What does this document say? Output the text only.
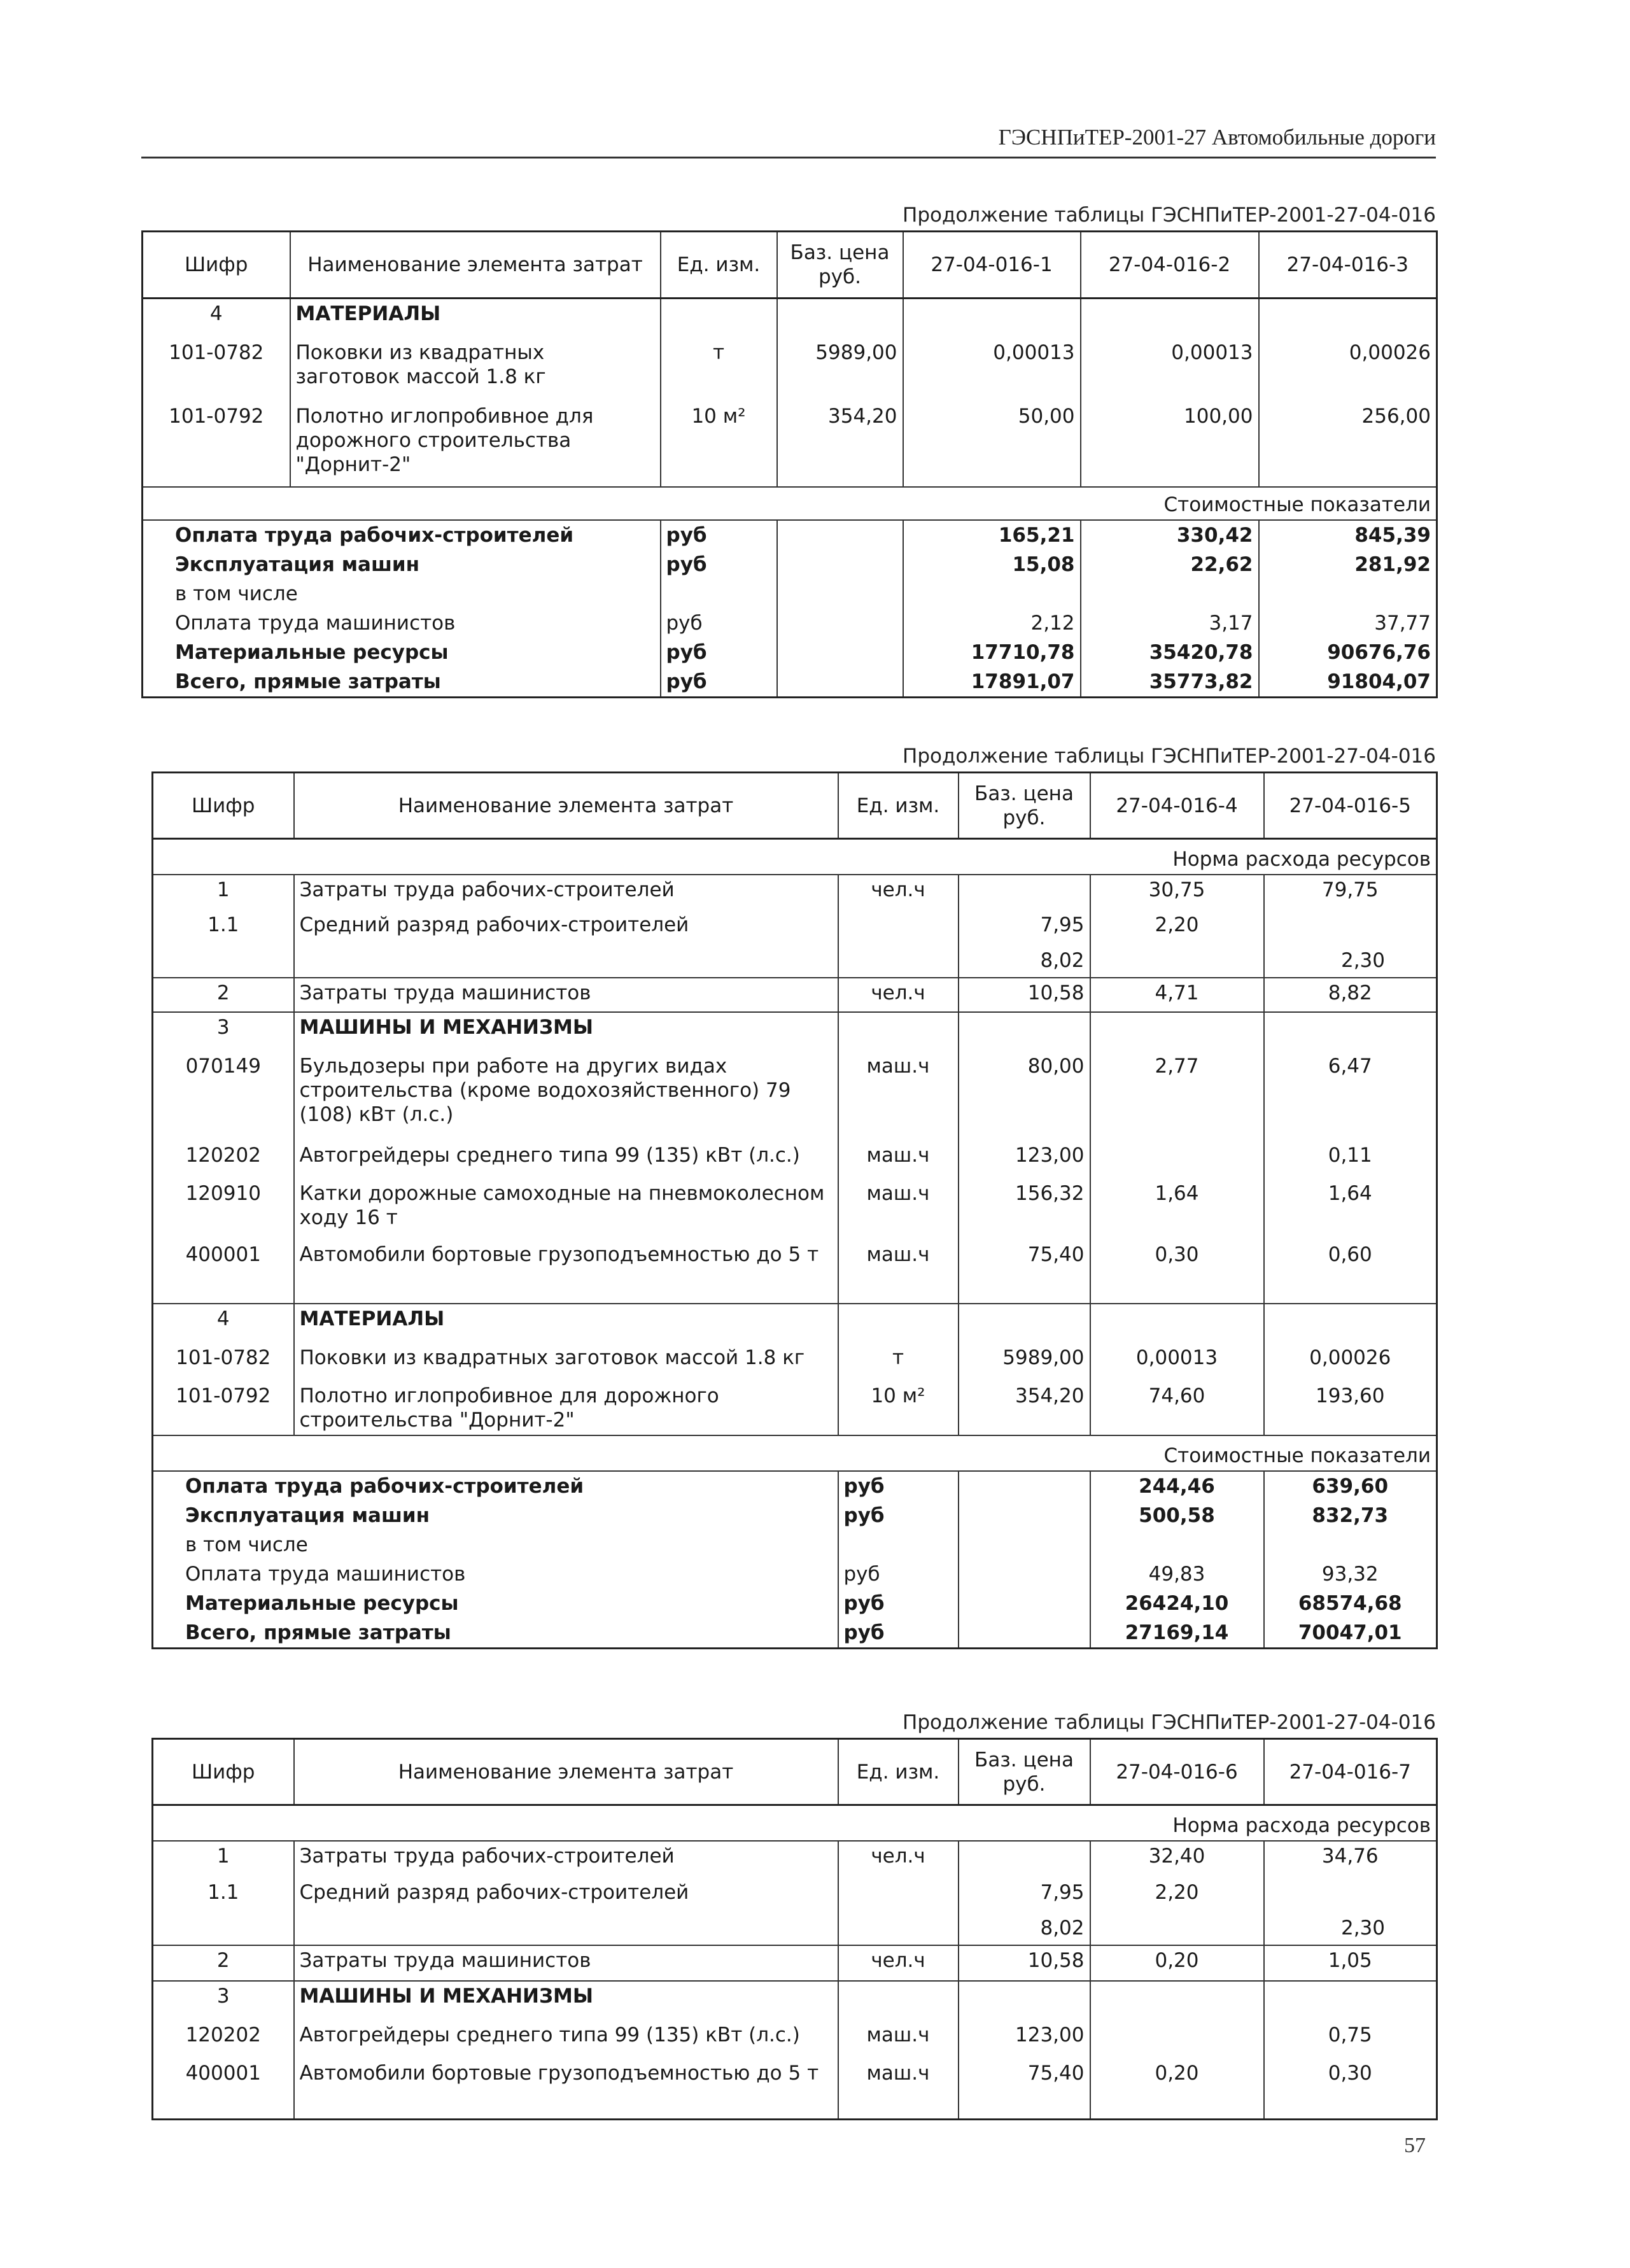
ГЭСНПиТЕР-2001-27 Автомобильные дороги
Продолжение таблицы ГЭСНПиТЕР-2001-27-04-016
Шифр	Наименование элемента затрат	Ед. изм.	Баз. цена руб.	27-04-016-1	27-04-016-2	27-04-016-3
4	МАТЕРИАЛЫ					
101-0782	Поковки из квадратных заготовок массой 1.8 кг	т	5989,00	0,00013	0,00013	0,00026
101-0792	Полотно иглопробивное для дорожного строительства "Дорнит-2"	10 м²	354,20	50,00	100,00	256,00
Стоимостные показатели						
Оплата труда рабочих-строителей		руб		165,21	330,42	845,39
Эксплуатация машин		руб		15,08	22,62	281,92
в том числе						
Оплата труда машинистов		руб		2,12	3,17	37,77
Материальные ресурсы		руб		17710,78	35420,78	90676,76
Всего, прямые затраты		руб		17891,07	35773,82	91804,07
Продолжение таблицы ГЭСНПиТЕР-2001-27-04-016
Шифр	Наименование элемента затрат	Ед. изм.	Баз. цена руб.	27-04-016-4	27-04-016-5
Норма расхода ресурсов					
1	Затраты труда рабочих-строителей	чел.ч		30,75	79,75
1.1	Средний разряд рабочих-строителей		7,95	2,20	
			8,02		2,30
2	Затраты труда машинистов	чел.ч	10,58	4,71	8,82
3	МАШИНЫ И МЕХАНИЗМЫ				
070149	Бульдозеры при работе на других видах строительства (кроме водохозяйственного) 79 (108) кВт (л.с.)	маш.ч	80,00	2,77	6,47
120202	Автогрейдеры среднего типа 99 (135) кВт (л.с.)	маш.ч	123,00		0,11
120910	Катки дорожные самоходные на пневмоколесном ходу 16 т	маш.ч	156,32	1,64	1,64
400001	Автомобили бортовые грузоподъемностью до 5 т	маш.ч	75,40	0,30	0,60
4	МАТЕРИАЛЫ				
101-0782	Поковки из квадратных заготовок массой 1.8 кг	т	5989,00	0,00013	0,00026
101-0792	Полотно иглопробивное для дорожного строительства "Дорнит-2"	10 м²	354,20	74,60	193,60
Стоимостные показатели					
Оплата труда рабочих-строителей		руб		244,46	639,60
Эксплуатация машин		руб		500,58	832,73
в том числе					
Оплата труда машинистов		руб		49,83	93,32
Материальные ресурсы		руб		26424,10	68574,68
Всего, прямые затраты		руб		27169,14	70047,01
Продолжение таблицы ГЭСНПиТЕР-2001-27-04-016
Шифр	Наименование элемента затрат	Ед. изм.	Баз. цена руб.	27-04-016-6	27-04-016-7
Норма расхода ресурсов					
1	Затраты труда рабочих-строителей	чел.ч		32,40	34,76
1.1	Средний разряд рабочих-строителей		7,95	2,20	
			8,02		2,30
2	Затраты труда машинистов	чел.ч	10,58	0,20	1,05
3	МАШИНЫ И МЕХАНИЗМЫ				
120202	Автогрейдеры среднего типа 99 (135) кВт (л.с.)	маш.ч	123,00		0,75
400001	Автомобили бортовые грузоподъемностью до 5 т	маш.ч	75,40	0,20	0,30
57
